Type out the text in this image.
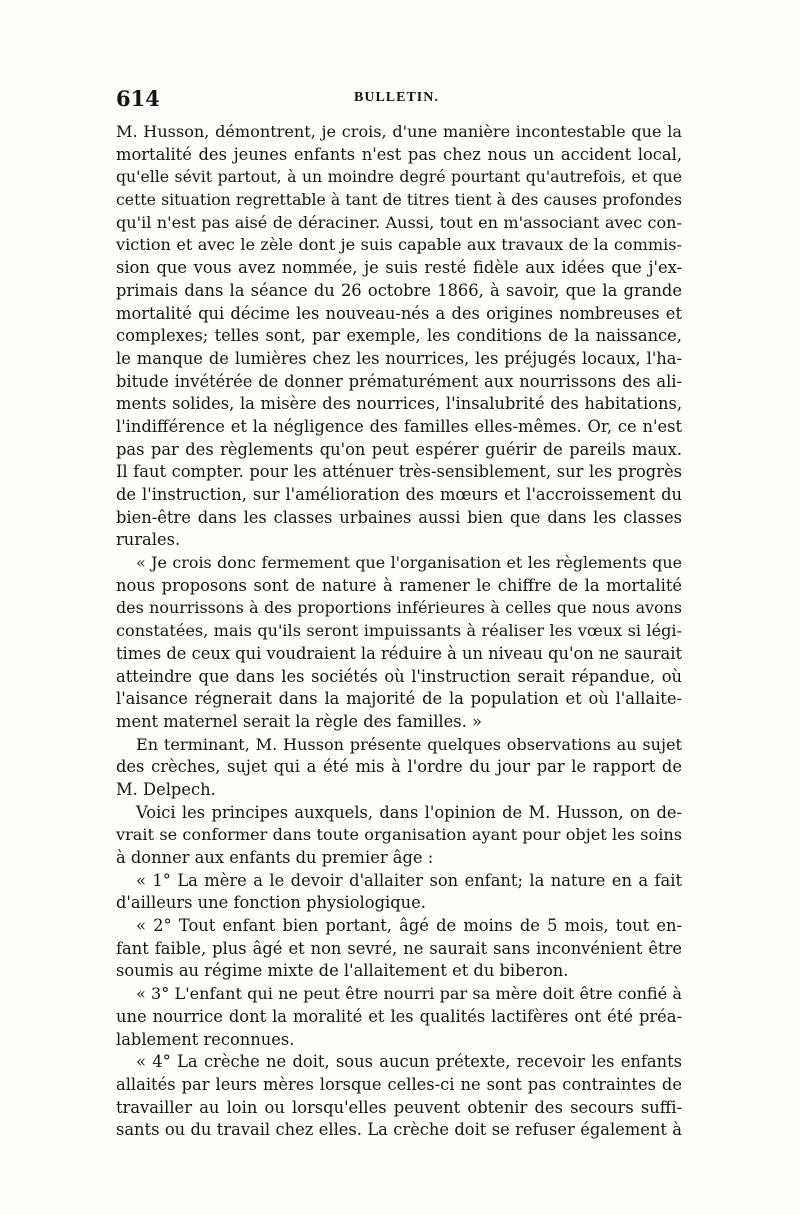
614	BULLETIN.
M. Husson, démontrent, je crois, d'une manière incontestable que la
mortalité des jeunes enfants n'est pas chez nous un accident local,
qu'elle sévit partout, à un moindre degré pourtant qu'autrefois, et que
cette situation regrettable à tant de titres tient à des causes profondes
qu'il n'est pas aisé de déraciner. Aussi, tout en m'associant avec con-
viction et avec le zèle dont je suis capable aux travaux de la commis-
sion que vous avez nommée, je suis resté fidèle aux idées que j'ex-
primais dans la séance du 26 octobre 1866, à savoir, que la grande
mortalité qui décime les nouveau-nés a des origines nombreuses et
complexes; telles sont, par exemple, les conditions de la naissance,
le manque de lumières chez les nourrices, les préjugés locaux, l'ha-
bitude invétérée de donner prématurément aux nourrissons des ali-
ments solides, la misère des nourrices, l'insalubrité des habitations,
l'indifférence et la négligence des familles elles-mêmes. Or, ce n'est
pas par des règlements qu'on peut espérer guérir de pareils maux.
Il faut compter. pour les atténuer très-sensiblement, sur les progrès
de l'instruction, sur l'amélioration des mœurs et l'accroissement du
bien-être dans les classes urbaines aussi bien que dans les classes
rurales.
« Je crois donc fermement que l'organisation et les règlements que
nous proposons sont de nature à ramener le chiffre de la mortalité
des nourrissons à des proportions inférieures à celles que nous avons
constatées, mais qu'ils seront impuissants à réaliser les vœux si légi-
times de ceux qui voudraient la réduire à un niveau qu'on ne saurait
atteindre que dans les sociétés où l'instruction serait répandue, où
l'aisance régnerait dans la majorité de la population et où l'allaite-
ment maternel serait la règle des familles. »
En terminant, M. Husson présente quelques observations au sujet
des crèches, sujet qui a été mis à l'ordre du jour par le rapport de
M. Delpech.
Voici les principes auxquels, dans l'opinion de M. Husson, on de-
vrait se conformer dans toute organisation ayant pour objet les soins
à donner aux enfants du premier âge :
« 1° La mère a le devoir d'allaiter son enfant; la nature en a fait
d'ailleurs une fonction physiologique.
« 2° Tout enfant bien portant, âgé de moins de 5 mois, tout en-
fant faible, plus âgé et non sevré, ne saurait sans inconvénient être
soumis au régime mixte de l'allaitement et du biberon.
« 3° L'enfant qui ne peut être nourri par sa mère doit être confié à
une nourrice dont la moralité et les qualités lactifères ont été préa-
lablement reconnues.
« 4° La crèche ne doit, sous aucun prétexte, recevoir les enfants
allaités par leurs mères lorsque celles-ci ne sont pas contraintes de
travailler au loin ou lorsqu'elles peuvent obtenir des secours suffi-
sants ou du travail chez elles. La crèche doit se refuser également à
